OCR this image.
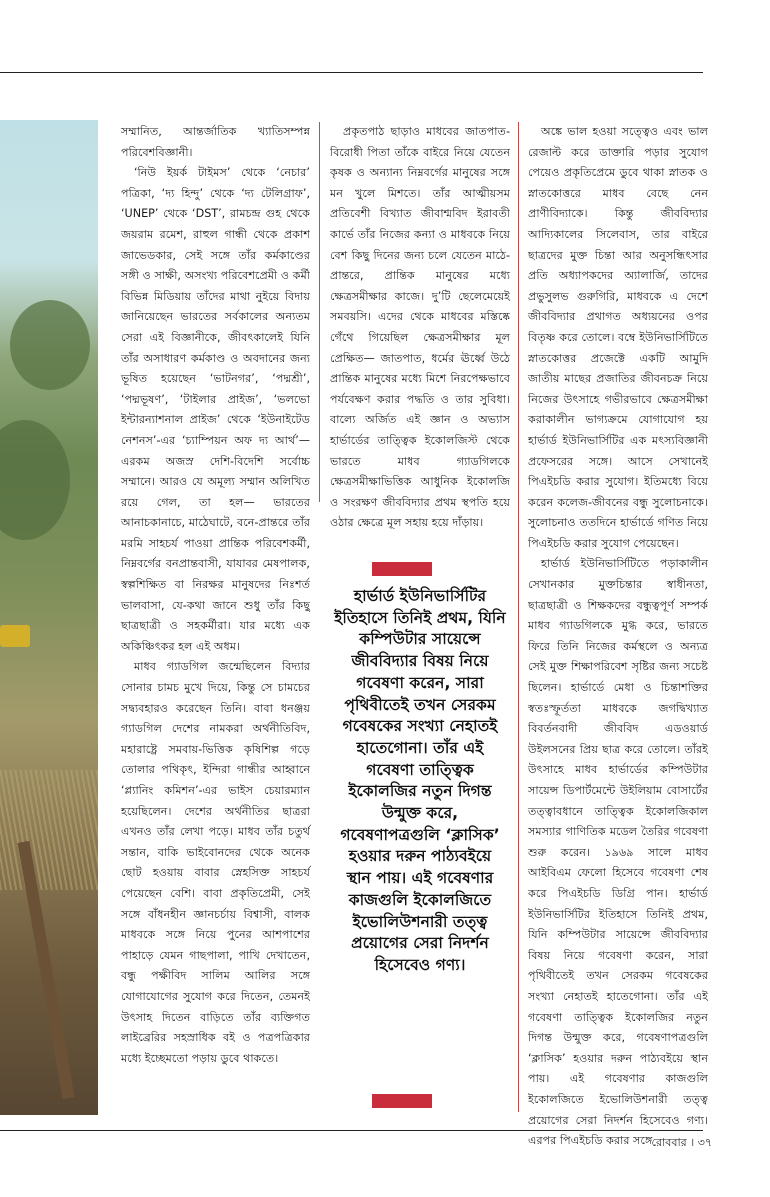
সম্মানিত, আন্তর্জাতিক খ্যাতিসম্পন্ন পরিবেশবিজ্ঞানী।

‘নিউ ইয়র্ক টাইমস’ থেকে ‘নেচার’ পত্রিকা, ‘দ্য হিন্দু’ থেকে ‘দ্য টেলিগ্রাফ’, ‘UNEP’ থেকে ‘DST’, রামচন্দ্র গুহ থেকে জয়রাম রমেশ, রাহুল গান্ধী থেকে প্রকাশ জাভেডকার, সেই সঙ্গে তাঁর কর্মকাণ্ডের সঙ্গী ও সাক্ষী, অসংখ্য পরিবেশপ্রেমী ও কর্মী বিভিন্ন মিডিয়ায় তাঁদের মাথা নুইয়ে বিদায় জানিয়েছেন ভারতের সর্বকালের অন্যতম সেরা এই বিজ্ঞানীকে, জীবৎকালেই যিনি তাঁর অসাধারণ কর্মকাণ্ড ও অবদানের জন্য ভূষিত হয়েছেন ‘ভাটনগর’, ‘পদ্মশ্রী’, ‘পদ্মভূষণ’, ‘টাইলার প্রাইজ’, ‘ভলভো ইন্টারন্যাশনাল প্রাইজ’ থেকে ‘ইউনাইটেড নেশনস’-এর ‘চ্যাম্পিয়ন অফ দ্য আর্থ’— এরকম অজস্র দেশি-বিদেশি সর্বোচ্চ সম্মানে। আরও যে অমূল্য সম্মান অলিখিত রয়ে গেল, তা হল— ভারতের আনাচকানাচে, মাঠেঘাটে, বনে-প্রান্তরে তাঁর মরমি সাহচর্য পাওয়া প্রান্তিক পরিবেশকর্মী, নিম্নবর্গের বনপ্রান্তবাসী, যাযাবর মেষপালক, স্বল্পশিক্ষিত বা নিরক্ষর মানুষদের নিঃশর্ত ভালবাসা, যে-কথা জানে শুধু তাঁর কিছু ছাত্রছাত্রী ও সহকর্মীরা। যার মধ্যে এক অকিঞ্চিৎকর হল এই অধম।

মাধব গ্যাডগিল জন্মেছিলেন বিদ্যার সোনার চামচ মুখে দিয়ে, কিন্তু সে চামচের সদ্ব্যবহারও করেছেন তিনি। বাবা ধনঞ্জয় গ্যাডগিল দেশের নামকরা অর্থনীতিবিদ, মহারাষ্ট্রে সমবায়-ভিত্তিক কৃষিশিল্প গড়ে তোলার পথিকৃৎ, ইন্দিরা গান্ধীর আহ্বানে ‘প্ল্যানিং কমিশন’-এর ভাইস চেয়ারম্যান হয়েছিলেন। দেশের অর্থনীতির ছাত্ররা এখনও তাঁর লেখা পড়ে। মাধব তাঁর চতুর্থ সন্তান, বাকি ভাইবোনদের থেকে অনেক ছোট হওয়ায় বাবার স্নেহসিক্ত সাহচর্য পেয়েছেন বেশি। বাবা প্রকৃতিপ্রেমী, সেই সঙ্গে বাঁধনহীন জ্ঞানচর্চায় বিশ্বাসী, বালক মাধবকে সঙ্গে নিয়ে পুনের আশপাশের পাহাড়ে যেমন গাছপালা, পাখি দেখাতেন, বন্ধু পক্ষীবিদ সালিম আলির সঙ্গে যোগাযোগের সুযোগ করে দিতেন, তেমনই উৎসাহ দিতেন বাড়িতে তাঁর ব্যক্তিগত লাইব্রেরির সহস্রাধিক বই ও পত্রপত্রিকার মধ্যে ইচ্ছেমতো পড়ায় ডুবে থাকতে।

প্রকৃতপাঠ ছাড়াও মাধবের জাতপাত-বিরোধী পিতা তাঁকে বাইরে নিয়ে যেতেন কৃষক ও অন্যান্য নিম্নবর্গের মানুষের সঙ্গে মন খুলে মিশতে। তাঁর আত্মীয়সম প্রতিবেশী বিখ্যাত জীবাশ্মবিদ ইরাবতী কার্ভে তাঁর নিজের কন্যা ও মাধবকে নিয়ে বেশ কিছু দিনের জন্য চলে যেতেন মাঠে-প্রান্তরে, প্রান্তিক মানুষের মধ্যে ক্ষেত্রসমীক্ষার কাজে। দু’টি ছেলেমেয়েই সমবয়সি। এদের থেকে মাধবের মস্তিষ্কে গেঁথে গিয়েছিল ক্ষেত্রসমীক্ষার মূল প্রেক্ষিত— জাতপাত, ধর্মের ঊর্ধ্বে উঠে প্রান্তিক মানুষের মধ্যে মিশে নিরপেক্ষভাবে পর্যবেক্ষণ করার পদ্ধতি ও তার সুবিধা। বাল্যে অর্জিত এই জ্ঞান ও অভ্যাস হার্ভার্ডের তাত্ত্বিক ইকোলজিস্ট থেকে ভারতে মাধব গ্যাডগিলকে ক্ষেত্রসমীক্ষাভিত্তিক আধুনিক ইকোলজি ও সংরক্ষণ জীববিদ্যার প্রথম স্থপতি হয়ে ওঠার ক্ষেত্রে মূল সহায় হয়ে দাঁড়ায়।

হার্ভার্ড ইউনিভার্সিটির ইতিহাসে তিনিই প্রথম, যিনি কম্পিউটার সায়েন্সে জীববিদ্যার বিষয় নিয়ে গবেষণা করেন, সারা পৃথিবীতেই তখন সেরকম গবেষকের সংখ্যা নেহাতই হাতেগোনা। তাঁর এই গবেষণা তাত্ত্বিক ইকোলজির নতুন দিগন্ত উন্মুক্ত করে, গবেষণাপত্রগুলি ‘ক্লাসিক’ হওয়ার দরুন পাঠ্যবইয়ে স্থান পায়। এই গবেষণার কাজগুলি ইকোলজিতে ইভোলিউশনারী তত্ত্ব প্রয়োগের সেরা নিদর্শন হিসেবেও গণ্য।

অঙ্কে ভাল হওয়া সত্ত্বেও এবং ভাল রেজাল্ট করে ডাক্তারি পড়ার সুযোগ পেয়েও প্রকৃতিপ্রেমে ডুবে থাকা স্নাতক ও স্নাতকোত্তরে মাধব বেছে নেন প্রাণীবিদ্যাকে। কিন্তু জীববিদ্যার আদ্যিকালের সিলেবাস, তার বাইরে ছাত্রদের মুক্ত চিন্তা আর অনুসন্ধিৎসার প্রতি অধ্যাপকদের অ্যালার্জি, তাদের প্রভুসুলভ গুরুগিরি, মাধবকে এ দেশে জীববিদ্যার প্রথাগত অধ্যয়নের ওপর বিতৃষ্ণ করে তোলে। বম্বে ইউনিভার্সিটিতে স্নাতকোত্তর প্রজেক্টে একটি আমুদি জাতীয় মাছের প্রজাতির জীবনচক্র নিয়ে নিজের উৎসাহে গভীরভাবে ক্ষেত্রসমীক্ষা করাকালীন ভাগ্যক্রমে যোগাযোগ হয় হার্ভার্ড ইউনিভার্সিটির এক মৎস্যবিজ্ঞানী প্রফেসরের সঙ্গে। আসে সেখানেই পিএইচডি করার সুযোগ। ইতিমধ্যে বিয়ে করেন কলেজ-জীবনের বন্ধু সুলোচনাকে। সুলোচনাও ততদিনে হার্ভার্ডে গণিত নিয়ে পিএইচডি করার সুযোগ পেয়েছেন।

হার্ভার্ড ইউনিভার্সিটিতে পড়াকালীন সেখানকার মুক্তচিন্তার স্বাধীনতা, ছাত্রছাত্রী ও শিক্ষকদের বন্ধুত্বপূর্ণ সম্পর্ক মাধব গ্যাডগিলকে মুগ্ধ করে, ভারতে ফিরে তিনি নিজের কর্মস্থলে ও অন্যত্র সেই মুক্ত শিক্ষাপরিবেশ সৃষ্টির জন্য সচেষ্ট ছিলেন। হার্ভার্ডে মেধা ও চিন্তাশক্তির স্বতঃস্ফূর্ততা মাধবকে জগদ্বিখ্যাত বিবর্তনবাদী জীববিদ এডওয়ার্ড উইলসনের প্রিয় ছাত্র করে তোলে। তাঁরই উৎসাহে মাধব হার্ভার্ডের কম্পিউটার সায়েন্স ডিপার্টমেন্টে উইলিয়াম বোসার্টের তত্ত্বাবধানে তাত্ত্বিক ইকোলজিকাল সমস্যার গাণিতিক মডেল তৈরির গবেষণা শুরু করেন। ১৯৬৯ সালে মাধব আইবিএম ফেলো হিসেবে গবেষণা শেষ করে পিএইচডি ডিগ্রি পান। হার্ভার্ড ইউনিভার্সিটির ইতিহাসে তিনিই প্রথম, যিনি কম্পিউটার সায়েন্সে জীববিদ্যার বিষয় নিয়ে গবেষণা করেন, সারা পৃথিবীতেই তখন সেরকম গবেষকের সংখ্যা নেহাতই হাতেগোনা। তাঁর এই গবেষণা তাত্ত্বিক ইকোলজির নতুন দিগন্ত উন্মুক্ত করে, গবেষণাপত্রগুলি ‘ক্লাসিক’ হওয়ার দরুন পাঠ্যবইয়ে স্থান পায়। এই গবেষণার কাজগুলি ইকোলজিতে ইভোলিউশনারী তত্ত্ব প্রয়োগের সেরা নিদর্শন হিসেবেও গণ্য। এরপর পিএইচডি করার সঙ্গে রোববার । ৩৭
